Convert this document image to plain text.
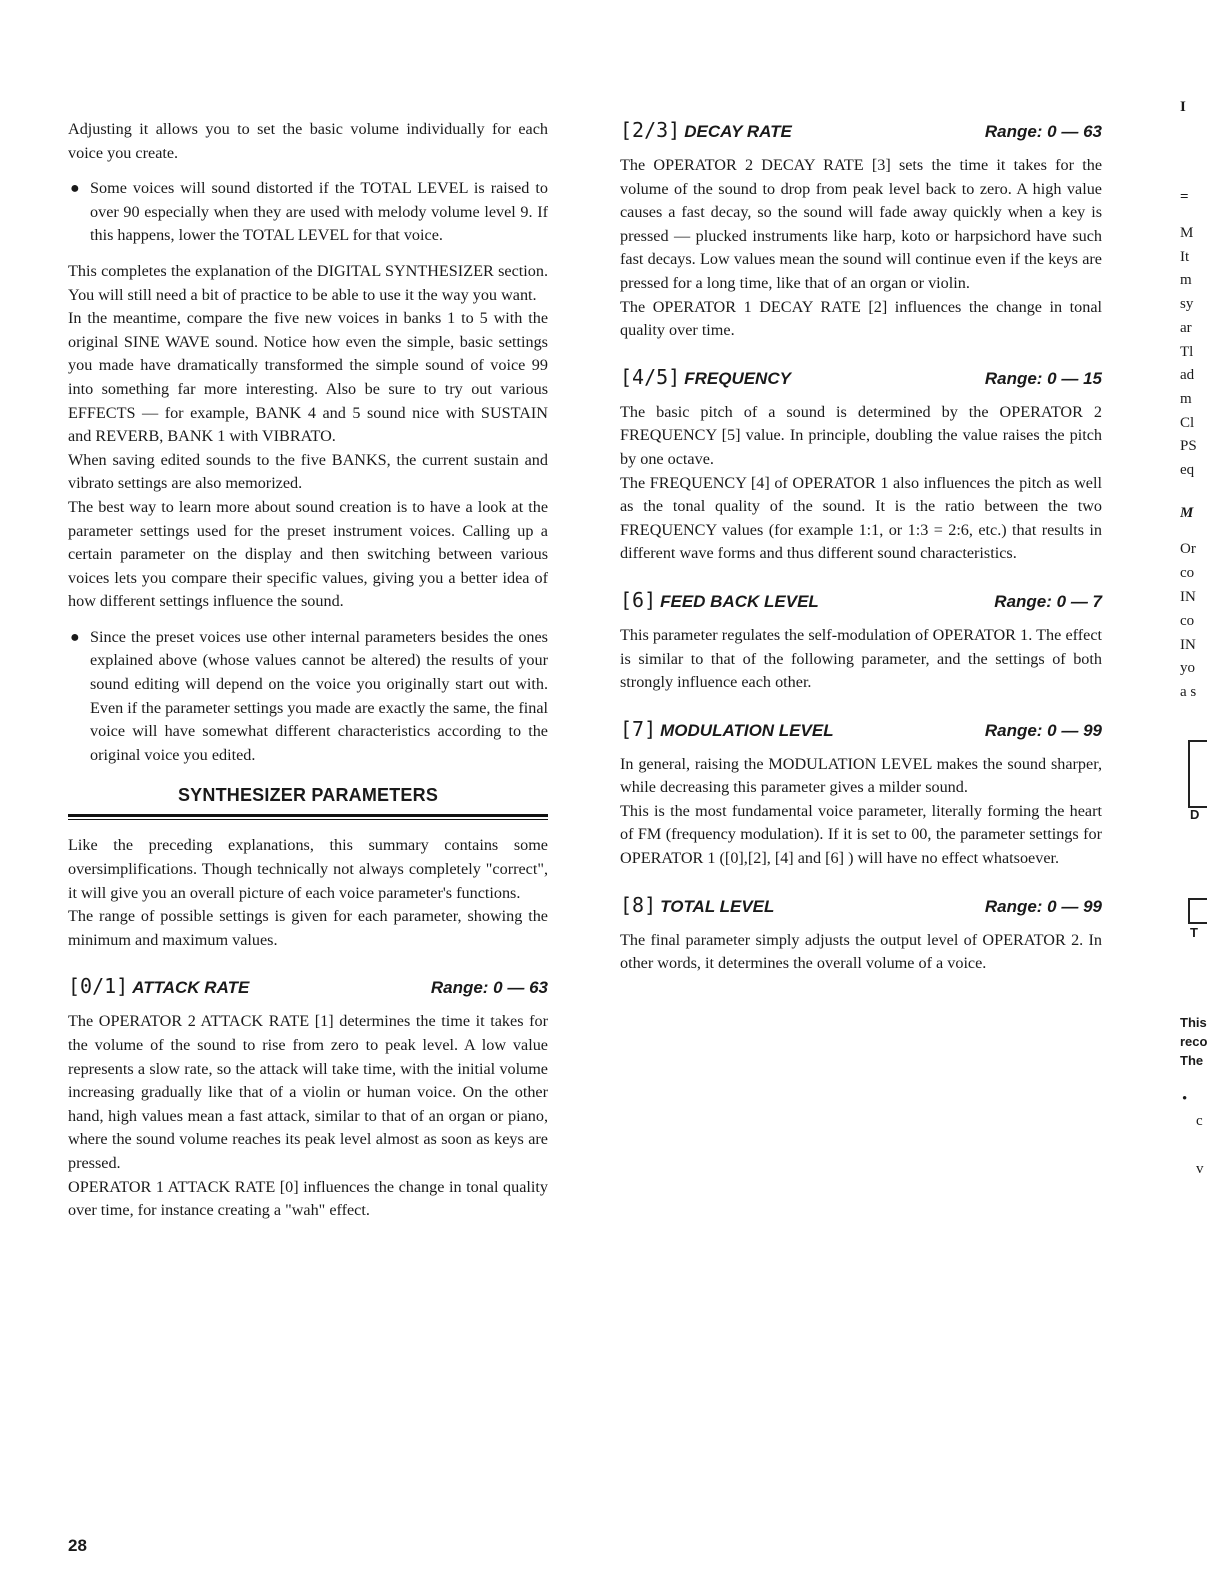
Adjusting it allows you to set the basic volume individually for each voice you create.

● Some voices will sound distorted if the TOTAL LEVEL is raised to over 90 especially when they are used with melody volume level 9. If this happens, lower the TOTAL LEVEL for that voice.

This completes the explanation of the DIGITAL SYNTHESIZER section. You will still need a bit of practice to be able to use it the way you want.

In the meantime, compare the five new voices in banks 1 to 5 with the original SINE WAVE sound. Notice how even the simple, basic settings you made have dramatically transformed the simple sound of voice 99 into something far more interesting. Also be sure to try out various EFFECTS — for example, BANK 4 and 5 sound nice with SUSTAIN and REVERB, BANK 1 with VIBRATO.

When saving edited sounds to the five BANKS, the current sustain and vibrato settings are also memorized.

The best way to learn more about sound creation is to have a look at the parameter settings used for the preset instrument voices. Calling up a certain parameter on the display and then switching between various voices lets you compare their specific values, giving you a better idea of how different settings influence the sound.

● Since the preset voices use other internal parameters besides the ones explained above (whose values cannot be altered) the results of your sound editing will depend on the voice you originally start out with. Even if the parameter settings you made are exactly the same, the final voice will have somewhat different characteristics according to the original voice you edited.

SYNTHESIZER PARAMETERS

Like the preceding explanations, this summary contains some oversimplifications. Though technically not always completely "correct", it will give you an overall picture of each voice parameter's functions.

The range of possible settings is given for each parameter, showing the minimum and maximum values.

[0/1] ATTACK RATE	Range: 0 — 63

The OPERATOR 2 ATTACK RATE [1] determines the time it takes for the volume of the sound to rise from zero to peak level. A low value represents a slow rate, so the attack will take time, with the initial volume increasing gradually like that of a violin or human voice. On the other hand, high values mean a fast attack, similar to that of an organ or piano, where the sound volume reaches its peak level almost as soon as keys are pressed.

OPERATOR 1 ATTACK RATE [0] influences the change in tonal quality over time, for instance creating a "wah" effect.

[2/3] DECAY RATE	Range: 0 — 63

The OPERATOR 2 DECAY RATE [3] sets the time it takes for the volume of the sound to drop from peak level back to zero. A high value causes a fast decay, so the sound will fade away quickly when a key is pressed — plucked instruments like harp, koto or harpsichord have such fast decays. Low values mean the sound will continue even if the keys are pressed for a long time, like that of an organ or violin.

The OPERATOR 1 DECAY RATE [2] influences the change in tonal quality over time.

[4/5] FREQUENCY	Range: 0 — 15

The basic pitch of a sound is determined by the OPERATOR 2 FREQUENCY [5] value. In principle, doubling the value raises the pitch by one octave.

The FREQUENCY [4] of OPERATOR 1 also influences the pitch as well as the tonal quality of the sound. It is the ratio between the two FREQUENCY values (for example 1:1, or 1:3 = 2:6, etc.) that results in different wave forms and thus different sound characteristics.

[6] FEED BACK LEVEL	Range: 0 — 7

This parameter regulates the self-modulation of OPERATOR 1. The effect is similar to that of the following parameter, and the settings of both strongly influence each other.

[7] MODULATION LEVEL	Range: 0 — 99

In general, raising the MODULATION LEVEL makes the sound sharper, while decreasing this parameter gives a milder sound.

This is the most fundamental voice parameter, literally forming the heart of FM (frequency modulation). If it is set to 00, the parameter settings for OPERATOR 1 ([0],[2], [4] and [6] ) will have no effect whatsoever.

[8] TOTAL LEVEL	Range: 0 — 99

The final parameter simply adjusts the output level of OPERATOR 2. In other words, it determines the overall volume of a voice.

I
=
M
It
m
sy
ar
Tl
ad
m
Cl
PS
eq
M
Or
co
IN
co
IN
yo
a s
D
T
This
reco
The
•
c
v
28
